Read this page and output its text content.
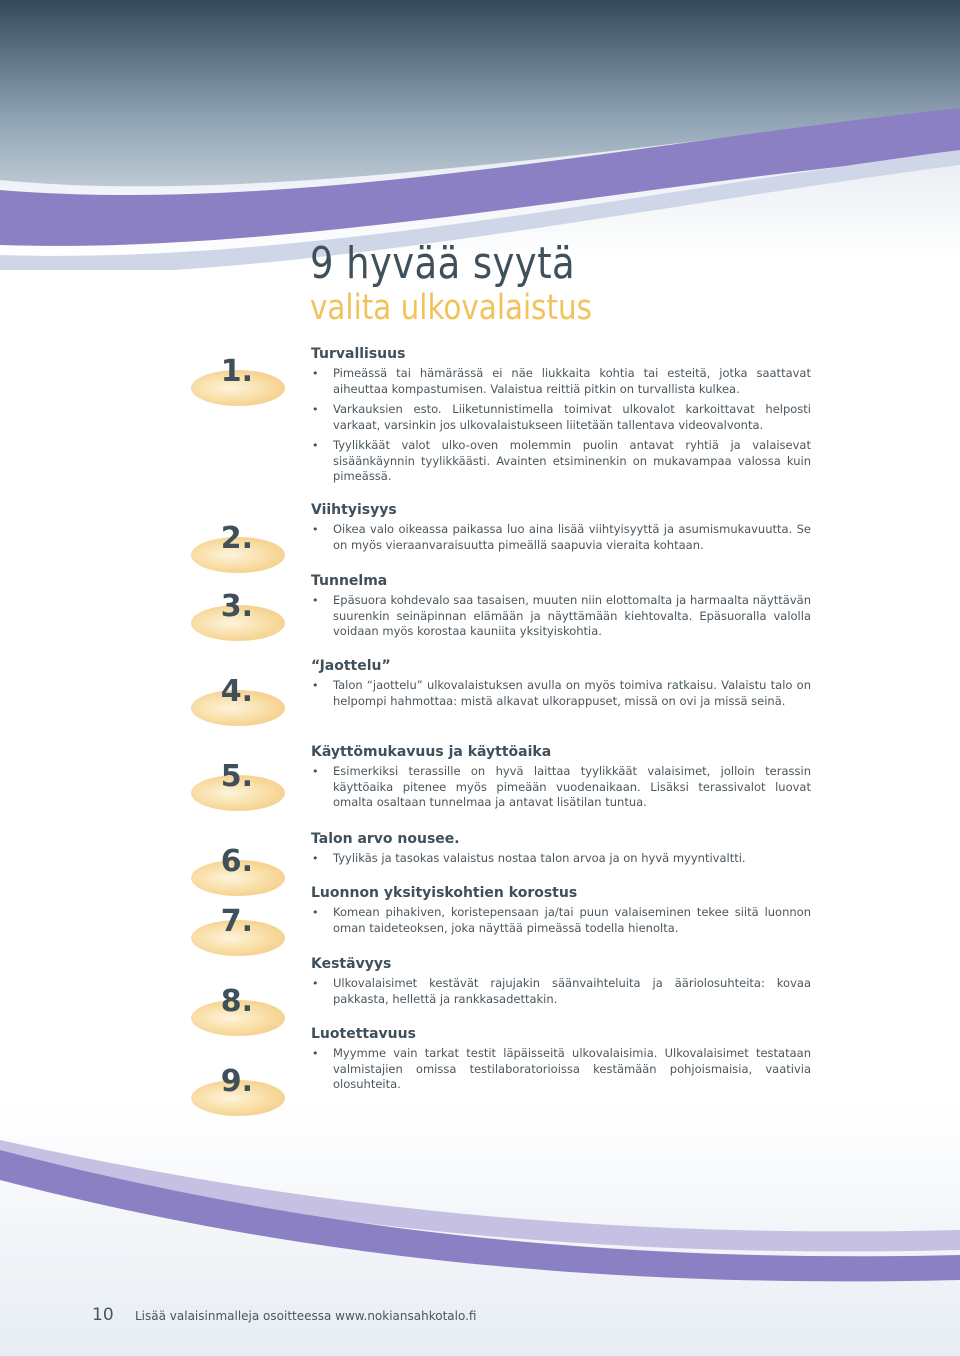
9 hyvää syytä
valita ulkovalaistus
1.
2.
3.
4.
5.
6.
7.
8.
9.
Turvallisuus
• Pimeässä tai hämärässä ei näe liukkaita kohtia tai esteitä, jotka saattavat aiheuttaa kompastumisen. Valaistua reittiä pitkin on turvallista kulkea.
• Varkauksien esto. Liiketunnistimella toimivat ulkovalot karkoittavat helposti varkaat, varsinkin jos ulkovalaistukseen liitetään tallentava videovalvonta.
• Tyylikkäät valot ulko-oven molemmin puolin antavat ryhtiä ja valaisevat sisäänkäynnin tyylikkäästi. Avainten etsiminenkin on mukavampaa valossa kuin pimeässä.
Viihtyisyys
• Oikea valo oikeassa paikassa luo aina lisää viihtyisyyttä ja asumismukavuutta. Se on myös vieraanvaraisuutta pimeällä saapuvia vieraita kohtaan.
Tunnelma
• Epäsuora kohdevalo saa tasaisen, muuten niin elottomalta ja harmaalta näyttävän suurenkin seinäpinnan elämään ja näyttämään kiehtovalta. Epäsuoralla valolla voidaan myös korostaa kauniita yksityiskohtia.
“Jaottelu”
• Talon “jaottelu” ulkovalaistuksen avulla on myös toimiva ratkaisu. Valaistu talo on helpompi hahmottaa: mistä alkavat ulkorappuset, missä on ovi ja missä seinä.
Käyttömukavuus ja käyttöaika
• Esimerkiksi terassille on hyvä laittaa tyylikkäät valaisimet, jolloin terassin käyttöaika pitenee myös pimeään vuodenaikaan. Lisäksi terassivalot luovat omalta osaltaan tunnelmaa ja antavat lisätilan tuntua.
Talon arvo nousee.
• Tyylikäs ja tasokas valaistus nostaa talon arvoa ja on hyvä myyntivaltti.
Luonnon yksityiskohtien korostus
• Komean pihakiven, koristepensaan ja/tai puun valaiseminen tekee siitä luonnon oman taideteoksen, joka näyttää pimeässä todella hienolta.
Kestävyys
• Ulkovalaisimet kestävät rajujakin säänvaihteluita ja ääriolosuhteita: kovaa pakkasta, hellettä ja rankkasadettakin.
Luotettavuus
• Myymme vain tarkat testit läpäisseitä ulkovalaisimia. Ulkovalaisimet testataan valmistajien omissa testilaboratorioissa kestämään pohjoismaisia, vaativia olosuhteita.
10 Lisää valaisinmalleja osoitteessa www.nokiansahkotalo.fi
